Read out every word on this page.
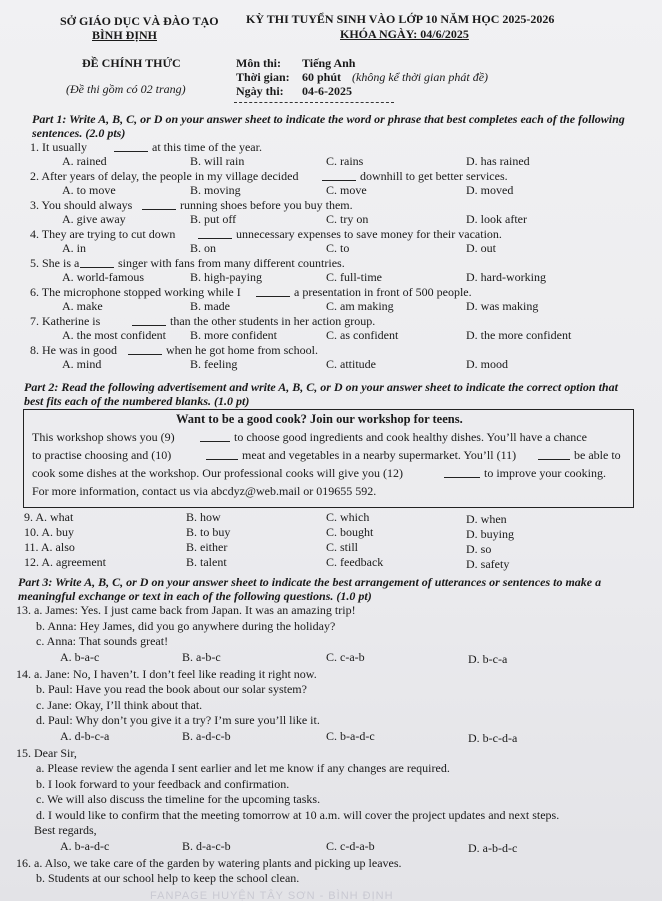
SỞ GIÁO DỤC VÀ ĐÀO TẠO
BÌNH ĐỊNH
KỲ THI TUYỂN SINH VÀO LỚP 10 NĂM HỌC 2025-2026
KHÓA NGÀY: 04/6/2025
ĐỀ CHÍNH THỨC
(Đề thi gồm có 02 trang)
Môn thi: Tiếng Anh
Thời gian: 60 phút (không kể thời gian phát đề)
Ngày thi: 04-6-2025
Part 1: Write A, B, C, or D on your answer sheet to indicate the word or phrase that best completes each of the following sentences. (2.0 pts)
1. It usually	at this time of the year.
A. rained	B. will rain	C. rains	D. has rained
2. After years of delay, the people in my village decided	downhill to get better services.
A. to move	B. moving	C. move	D. moved
3. You should always	running shoes before you buy them.
A. give away	B. put off	C. try on	D. look after
4. They are trying to cut down	unnecessary expenses to save money for their vacation.
A. in	B. on	C. to	D. out
5. She is a	singer with fans from many different countries.
A. world-famous	B. high-paying	C. full-time	D. hard-working
6. The microphone stopped working while I	a presentation in front of 500 people.
A. make	B. made	C. am making	D. was making
7. Katherine is	than the other students in her action group.
A. the most confident B. more confident	C. as confident	D. the more confident
8. He was in good	when he got home from school.
A. mind	B. feeling	C. attitude	D. mood
Part 2: Read the following advertisement and write A, B, C, or D on your answer sheet to indicate the correct option that best fits each of the numbered blanks. (1.0 pt)
Want to be a good cook? Join our workshop for teens.
This workshop shows you (9)	to choose good ingredients and cook healthy dishes. You’ll have a chance
to practise choosing and (10)	meat and vegetables in a nearby supermarket. You’ll (11)	be able to
cook some dishes at the workshop. Our professional cooks will give you (12)	to improve your cooking.
For more information, contact us via abcdyz@web.mail or 019655 592.
9. A. what	B. how	C. which	D. when
10. A. buy	B. to buy	C. bought	D. buying
11. A. also	B. either	C. still	D. so
12. A. agreement	B. talent	C. feedback	D. safety
Part 3: Write A, B, C, or D on your answer sheet to indicate the best arrangement of utterances or sentences to make a meaningful exchange or text in each of the following questions. (1.0 pt)
13. a. James: Yes. I just came back from Japan. It was an amazing trip!
b. Anna: Hey James, did you go anywhere during the holiday?
c. Anna: That sounds great!
A. b-a-c	B. a-b-c	C. c-a-b	D. b-c-a
14. a. Jane: No, I haven’t. I don’t feel like reading it right now.
b. Paul: Have you read the book about our solar system?
c. Jane: Okay, I’ll think about that.
d. Paul: Why don’t you give it a try? I’m sure you’ll like it.
A. d-b-c-a	B. a-d-c-b	C. b-a-d-c	D. b-c-d-a
15. Dear Sir,
a. Please review the agenda I sent earlier and let me know if any changes are required.
b. I look forward to your feedback and confirmation.
c. We will also discuss the timeline for the upcoming tasks.
d. I would like to confirm that the meeting tomorrow at 10 a.m. will cover the project updates and next steps.
Best regards,
A. b-a-d-c	B. d-a-c-b	C. c-d-a-b	D. a-b-d-c
16. a. Also, we take care of the garden by watering plants and picking up leaves.
b. Students at our school help to keep the school clean.
FANPAGE HUYỆN TÂY SƠN - BÌNH ĐỊNH
